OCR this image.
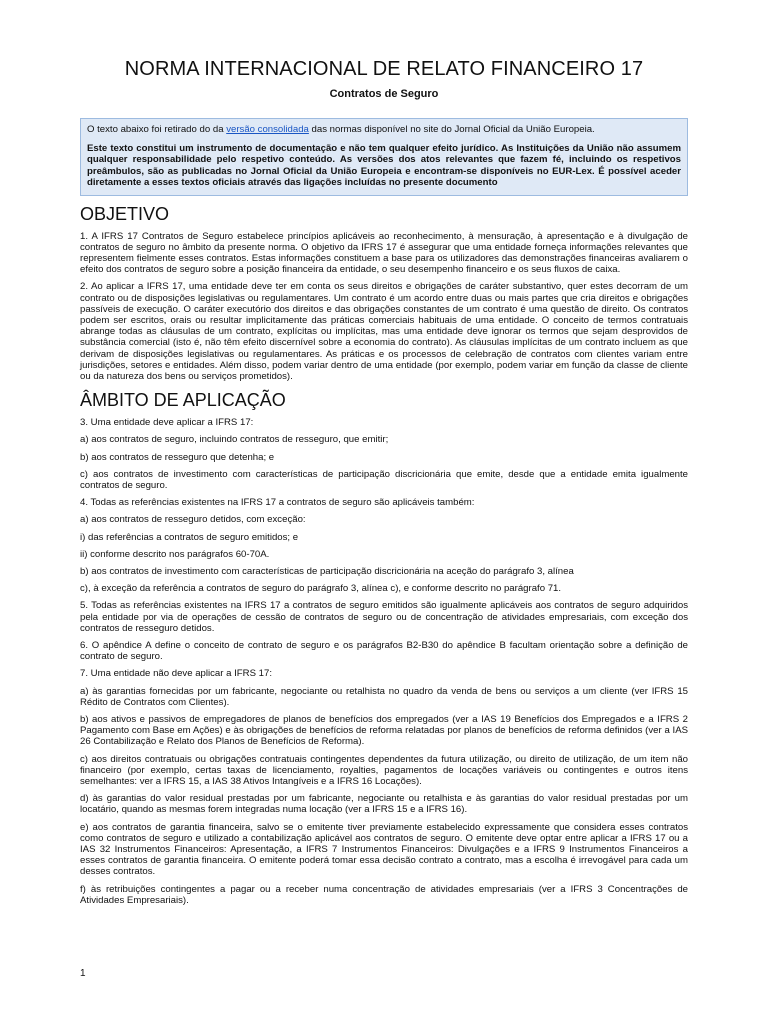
NORMA INTERNACIONAL DE RELATO FINANCEIRO 17
Contratos de Seguro

O texto abaixo foi retirado do da versão consolidada das normas disponível no site do Jornal Oficial da União Europeia.

Este texto constitui um instrumento de documentação e não tem qualquer efeito jurídico. As Instituições da União não assumem qualquer responsabilidade pelo respetivo conteúdo. As versões dos atos relevantes que fazem fé, incluindo os respetivos preâmbulos, são as publicadas no Jornal Oficial da União Europeia e encontram-se disponíveis no EUR-Lex. É possível aceder diretamente a esses textos oficiais através das ligações incluídas no presente documento

OBJETIVO

1. A IFRS 17 Contratos de Seguro estabelece princípios aplicáveis ao reconhecimento, à mensuração, à apresentação e à divulgação de contratos de seguro no âmbito da presente norma. O objetivo da IFRS 17 é assegurar que uma entidade forneça informações relevantes que representem fielmente esses contratos. Estas informações constituem a base para os utilizadores das demonstrações financeiras avaliarem o efeito dos contratos de seguro sobre a posição financeira da entidade, o seu desempenho financeiro e os seus fluxos de caixa.

2. Ao aplicar a IFRS 17, uma entidade deve ter em conta os seus direitos e obrigações de caráter substantivo, quer estes decorram de um contrato ou de disposições legislativas ou regulamentares. Um contrato é um acordo entre duas ou mais partes que cria direitos e obrigações passíveis de execução. O caráter executório dos direitos e das obrigações constantes de um contrato é uma questão de direito. Os contratos podem ser escritos, orais ou resultar implicitamente das práticas comerciais habituais de uma entidade. O conceito de termos contratuais abrange todas as cláusulas de um contrato, explícitas ou implícitas, mas uma entidade deve ignorar os termos que sejam desprovidos de substância comercial (isto é, não têm efeito discernível sobre a economia do contrato). As cláusulas implícitas de um contrato incluem as que derivam de disposições legislativas ou regulamentares. As práticas e os processos de celebração de contratos com clientes variam entre jurisdições, setores e entidades. Além disso, podem variar dentro de uma entidade (por exemplo, podem variar em função da classe de cliente ou da natureza dos bens ou serviços prometidos).

ÂMBITO DE APLICAÇÃO

3. Uma entidade deve aplicar a IFRS 17:

a) aos contratos de seguro, incluindo contratos de resseguro, que emitir;

b) aos contratos de resseguro que detenha; e

c) aos contratos de investimento com características de participação discricionária que emite, desde que a entidade emita igualmente contratos de seguro.

4. Todas as referências existentes na IFRS 17 a contratos de seguro são aplicáveis também:

a) aos contratos de resseguro detidos, com exceção:

i) das referências a contratos de seguro emitidos; e

ii) conforme descrito nos parágrafos 60-70A.

b) aos contratos de investimento com características de participação discricionária na aceção do parágrafo 3, alínea

c), à exceção da referência a contratos de seguro do parágrafo 3, alínea c), e conforme descrito no parágrafo 71.

5. Todas as referências existentes na IFRS 17 a contratos de seguro emitidos são igualmente aplicáveis aos contratos de seguro adquiridos pela entidade por via de operações de cessão de contratos de seguro ou de concentração de atividades empresariais, com exceção dos contratos de resseguro detidos.

6. O apêndice A define o conceito de contrato de seguro e os parágrafos B2-B30 do apêndice B facultam orientação sobre a definição de contrato de seguro.

7. Uma entidade não deve aplicar a IFRS 17:

a) às garantias fornecidas por um fabricante, negociante ou retalhista no quadro da venda de bens ou serviços a um cliente (ver IFRS 15 Rédito de Contratos com Clientes).

b) aos ativos e passivos de empregadores de planos de benefícios dos empregados (ver a IAS 19 Benefícios dos Empregados e a IFRS 2 Pagamento com Base em Ações) e às obrigações de benefícios de reforma relatadas por planos de benefícios de reforma definidos (ver a IAS 26 Contabilização e Relato dos Planos de Benefícios de Reforma).

c) aos direitos contratuais ou obrigações contratuais contingentes dependentes da futura utilização, ou direito de utilização, de um item não financeiro (por exemplo, certas taxas de licenciamento, royalties, pagamentos de locações variáveis ou contingentes e outros itens semelhantes: ver a IFRS 15, a IAS 38 Ativos Intangíveis e a IFRS 16 Locações).

d) às garantias do valor residual prestadas por um fabricante, negociante ou retalhista e às garantias do valor residual prestadas por um locatário, quando as mesmas forem integradas numa locação (ver a IFRS 15 e a IFRS 16).

e) aos contratos de garantia financeira, salvo se o emitente tiver previamente estabelecido expressamente que considera esses contratos como contratos de seguro e utilizado a contabilização aplicável aos contratos de seguro. O emitente deve optar entre aplicar a IFRS 17 ou a IAS 32 Instrumentos Financeiros: Apresentação, a IFRS 7 Instrumentos Financeiros: Divulgações e a IFRS 9 Instrumentos Financeiros a esses contratos de garantia financeira. O emitente poderá tomar essa decisão contrato a contrato, mas a escolha é irrevogável para cada um desses contratos.

f) às retribuições contingentes a pagar ou a receber numa concentração de atividades empresariais (ver a IFRS 3 Concentrações de Atividades Empresariais).

1
